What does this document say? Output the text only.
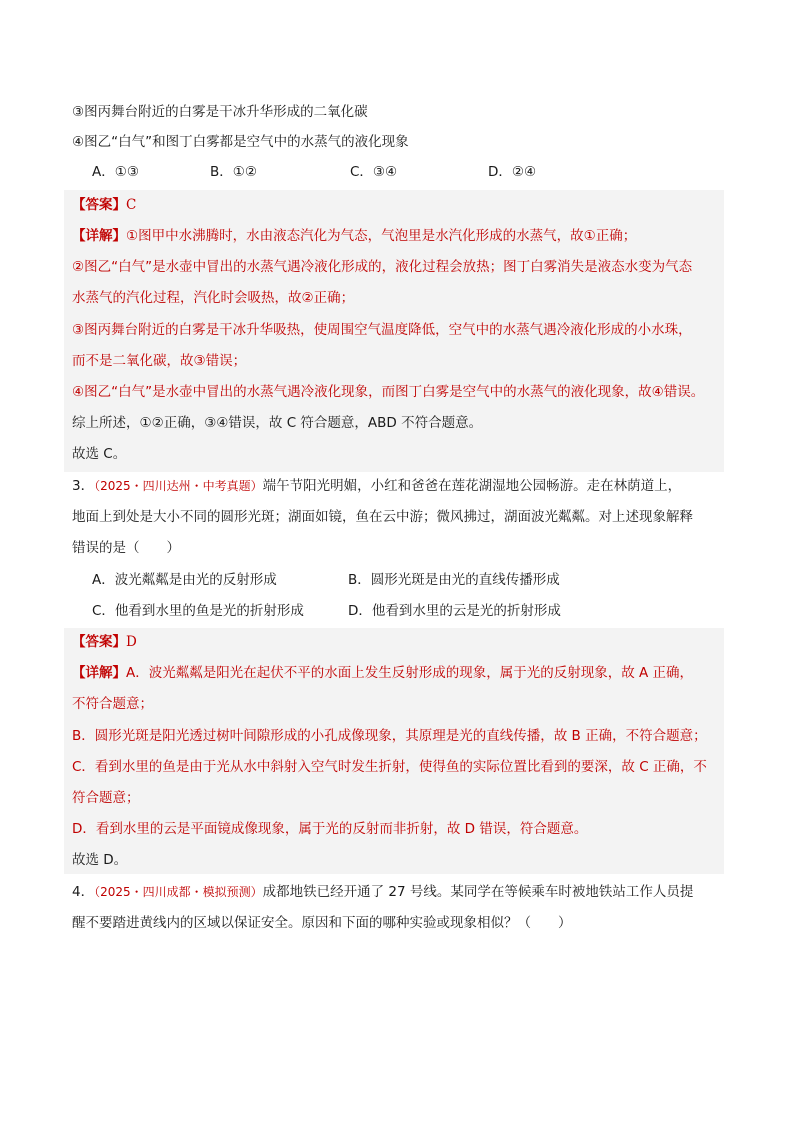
③图丙舞台附近的白雾是干冰升华形成的二氧化碳
④图乙“白气”和图丁白雾都是空气中的水蒸气的液化现象
A．①③	B．①②	C．③④	D．②④
【答案】C
【详解】①图甲中水沸腾时，水由液态汽化为气态，气泡里是水汽化形成的水蒸气，故①正确；
②图乙“白气”是水壶中冒出的水蒸气遇冷液化形成的，液化过程会放热；图丁白雾消失是液态水变为气态
水蒸气的汽化过程，汽化时会吸热，故②正确；
③图丙舞台附近的白雾是干冰升华吸热，使周围空气温度降低，空气中的水蒸气遇冷液化形成的小水珠，
而不是二氧化碳，故③错误；
④图乙“白气”是水壶中冒出的水蒸气遇冷液化现象，而图丁白雾是空气中的水蒸气的液化现象，故④错误。
综上所述，①②正确，③④错误，故 C 符合题意，ABD 不符合题意。
故选 C。
3．（2025・四川达州・中考真题）端午节阳光明媚，小红和爸爸在莲花湖湿地公园畅游。走在林荫道上，
地面上到处是大小不同的圆形光斑；湖面如镜，鱼在云中游；微风拂过，湖面波光粼粼。对上述现象解释
错误的是（　　）
A．波光粼粼是由光的反射形成	B．圆形光斑是由光的直线传播形成
C．他看到水里的鱼是光的折射形成	D．他看到水里的云是光的折射形成
【答案】D
【详解】A．波光粼粼是阳光在起伏不平的水面上发生反射形成的现象，属于光的反射现象，故 A 正确，
不符合题意；
B．圆形光斑是阳光透过树叶间隙形成的小孔成像现象，其原理是光的直线传播，故 B 正确，不符合题意；
C．看到水里的鱼是由于光从水中斜射入空气时发生折射，使得鱼的实际位置比看到的要深，故 C 正确，不
符合题意；
D．看到水里的云是平面镜成像现象，属于光的反射而非折射，故 D 错误，符合题意。
故选 D。
4．（2025・四川成都・模拟预测）成都地铁已经开通了 27 号线。某同学在等候乘车时被地铁站工作人员提
醒不要踏进黄线内的区域以保证安全。原因和下面的哪种实验或现象相似？（　　）
